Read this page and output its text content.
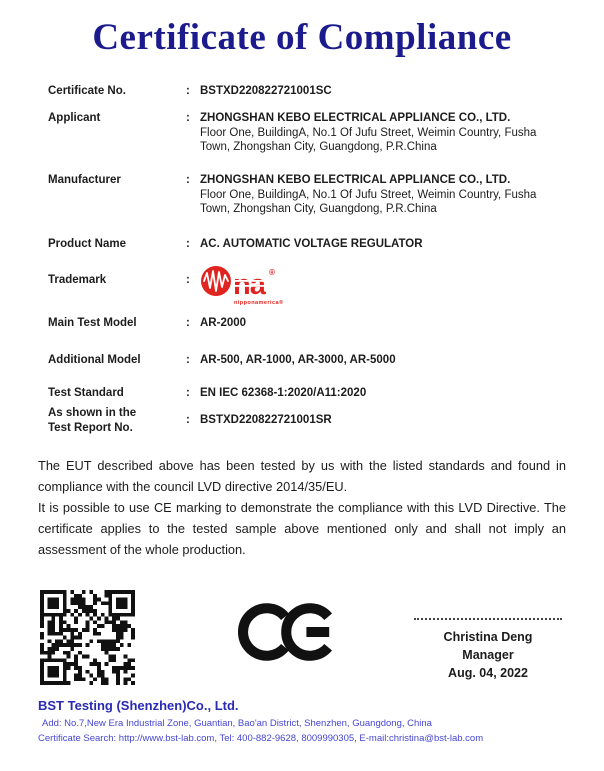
Certificate of Compliance
Certificate No.	: BSTXD220822721001SC
Applicant	: ZHONGSHAN KEBO ELECTRICAL APPLIANCE CO., LTD.
Floor One, BuildingA, No.1 Of Jufu Street, Weimin Country, Fusha
Town, Zhongshan City, Guangdong, P.R.China
Manufacturer	: ZHONGSHAN KEBO ELECTRICAL APPLIANCE CO., LTD.
Floor One, BuildingA, No.1 Of Jufu Street, Weimin Country, Fusha
Town, Zhongshan City, Guangdong, P.R.China
Product Name	: AC. AUTOMATIC VOLTAGE REGULATOR
Trademark	:
®
nipponamerica®
Main Test Model	: AR-2000
Additional Model	: AR-500, AR-1000, AR-3000, AR-5000
Test Standard	: EN IEC 62368-1:2020/A11:2020
As shown in the
Test Report No.
: BSTXD220822721001SR

The EUT described above has been tested by us with the listed standards and found in compliance with the council LVD directive 2014/35/EU.

It is possible to use CE marking to demonstrate the compliance with this LVD Directive. The certificate applies to the tested sample above mentioned only and shall not imply an assessment of the whole production.

Christina Deng
Manager
Aug. 04, 2022
BST Testing (Shenzhen)Co., Ltd.
Add: No.7,New Era Industrial Zone, Guantian, Bao'an District, Shenzhen, Guangdong, China
Certificate Search: http://www.bst-lab.com, Tel: 400-882-9628, 8009990305, E-mail:christina@bst-lab.com
